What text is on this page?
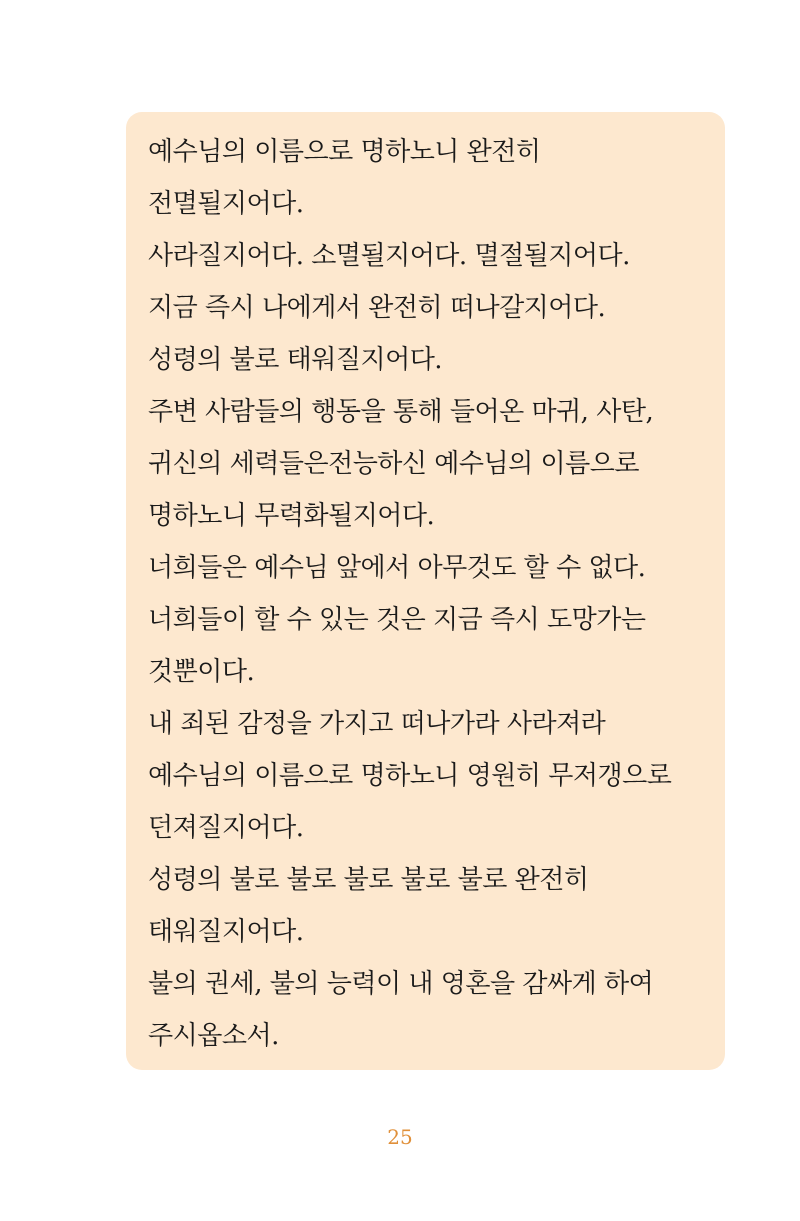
예수님의 이름으로 명하노니 완전히
전멸될지어다.
사라질지어다. 소멸될지어다. 멸절될지어다.
지금 즉시 나에게서 완전히 떠나갈지어다.
성령의 불로 태워질지어다.
주변 사람들의 행동을 통해 들어온 마귀, 사탄,
귀신의 세력들은전능하신 예수님의 이름으로
명하노니 무력화될지어다.
너희들은 예수님 앞에서 아무것도 할 수 없다.
너희들이 할 수 있는 것은 지금 즉시 도망가는
것뿐이다.
내 죄된 감정을 가지고 떠나가라 사라져라
예수님의 이름으로 명하노니 영원히 무저갱으로
던져질지어다.
성령의 불로 불로 불로 불로 불로 완전히
태워질지어다.
불의 권세, 불의 능력이 내 영혼을 감싸게 하여
주시옵소서.
25
